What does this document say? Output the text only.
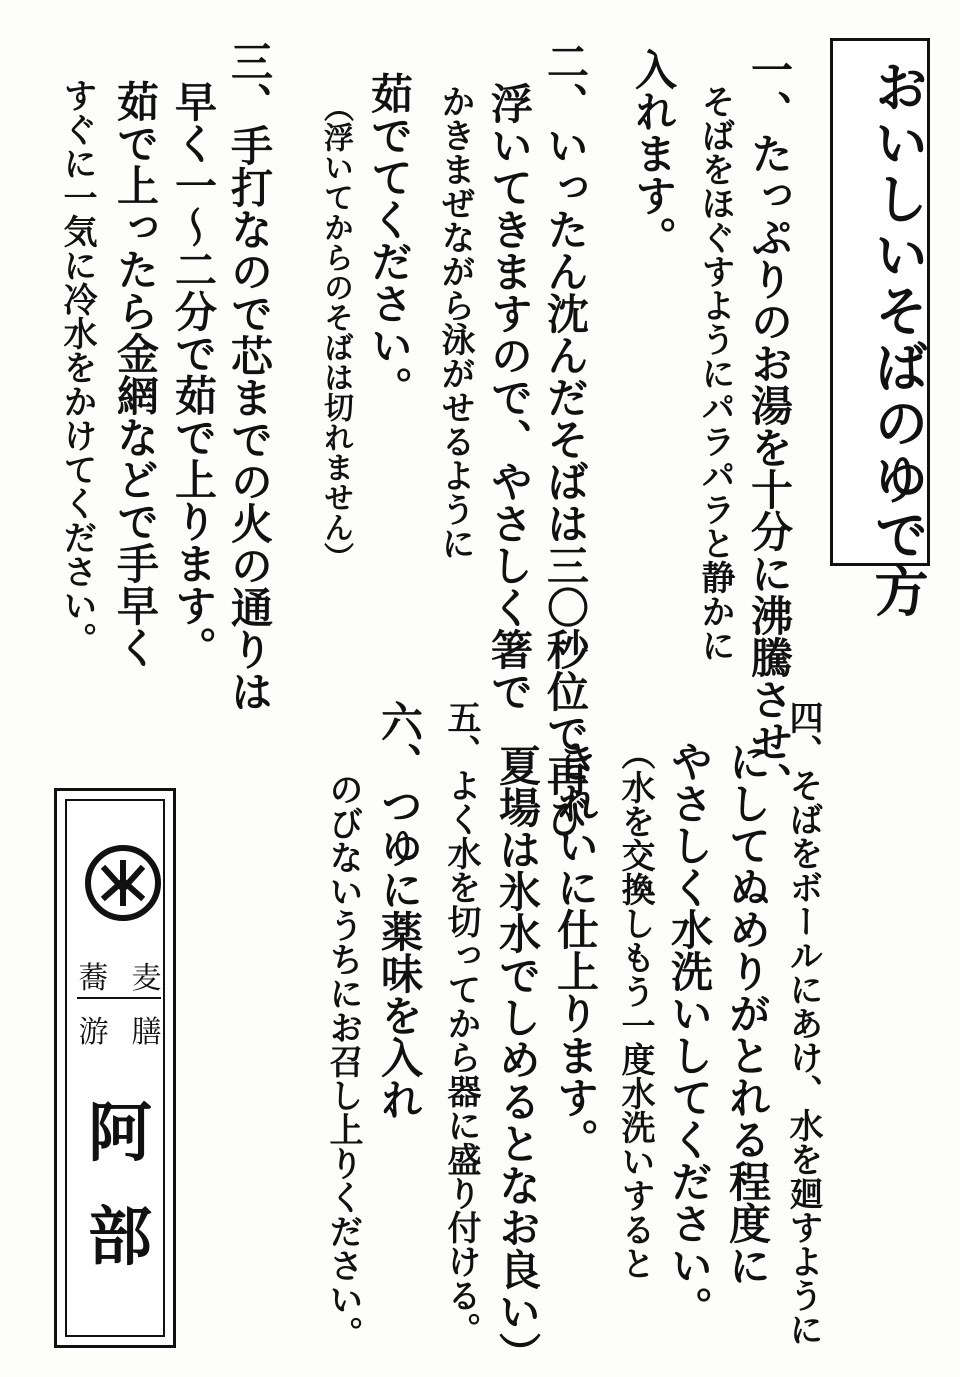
おいしいそばのゆで方
一、たっぷりのお湯を十分に沸騰させ、
そばをほぐすようにパラパラと静かに
入れます。
二、いったん沈んだそばは三〇秒位で再び
浮いてきますので、やさしく箸で
かきまぜながら泳がせるように
茹でてください。
（浮いてからのそばは切れません）
三、手打なので芯までの火の通りは
早く一〜二分で茹で上ります。
茹で上ったら金網などで手早く
すぐに一気に冷水をかけてください。
四、そばをボールにあけ、水を廻すように
にしてぬめりがとれる程度に
やさしく水洗いしてください。
（水を交換しもう一度水洗いすると
きれいに仕上ります。
夏場は氷水でしめるとなお良い）
五、よく水を切ってから器に盛り付ける。
六、つゆに薬味を入れ
のびないうちにお召し上りください。
蕎 麦
游 膳
阿
部
